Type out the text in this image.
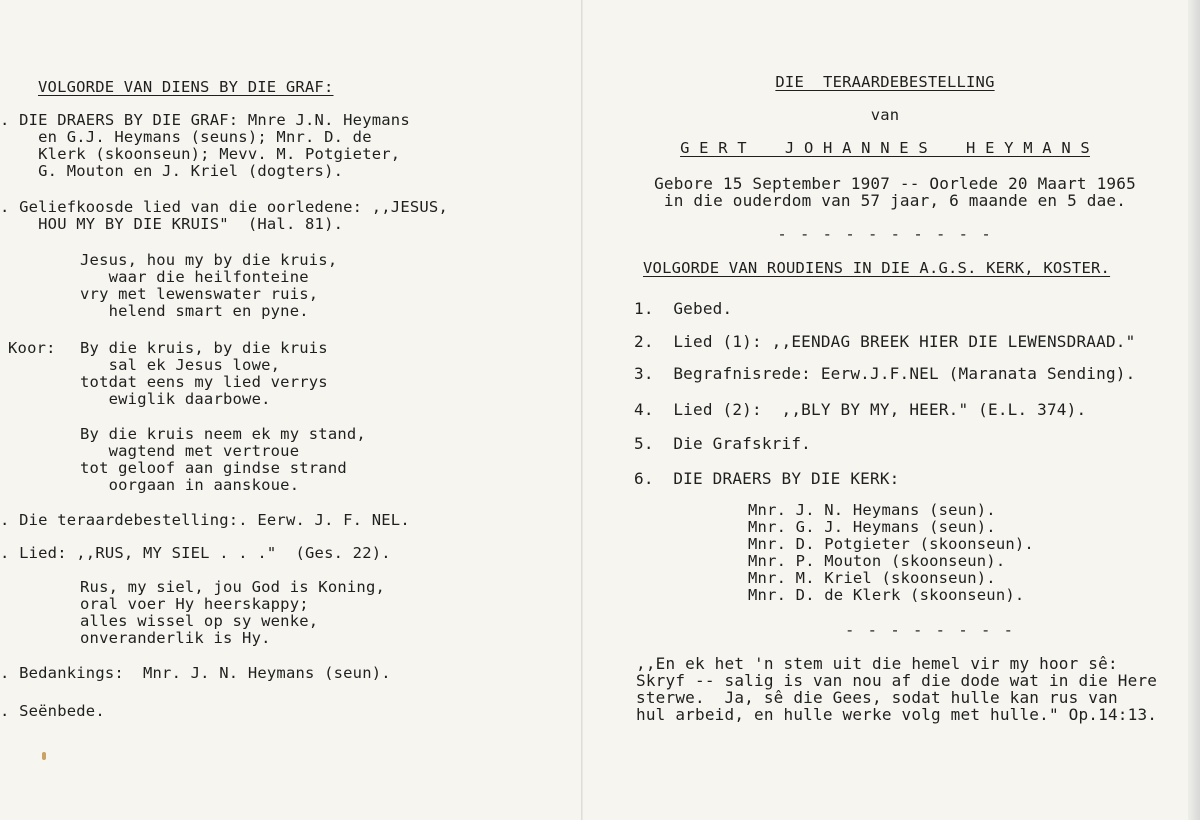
VOLGORDE VAN DIENS BY DIE GRAF:
. DIE DRAERS BY DIE GRAF: Mnre J.N. Heymans
en G.J. Heymans (seuns); Mnr. D. de
Klerk (skoonseun); Mevv. M. Potgieter,
G. Mouton en J. Kriel (dogters).
. Geliefkoosde lied van die oorledene: ,,JESUS,
HOU MY BY DIE KRUIS"  (Hal. 81).
Jesus, hou my by die kruis,
waar die heilfonteine
vry met lewenswater ruis,
helend smart en pyne.
Koor: By die kruis, by die kruis
sal ek Jesus lowe,
totdat eens my lied verrys
ewiglik daarbowe.
By die kruis neem ek my stand,
wagtend met vertroue
tot geloof aan gindse strand
oorgaan in aanskoue.
. Die teraardebestelling:. Eerw. J. F. NEL.
. Lied: ,,RUS, MY SIEL . . ."  (Ges. 22).
Rus, my siel, jou God is Koning,
oral voer Hy heerskappy;
alles wissel op sy wenke,
onveranderlik is Hy.
. Bedankings:  Mnr. J. N. Heymans (seun).
. Seënbede.
DIE  TERAARDEBESTELLING
van
G E R T    J O H A N N E S    H E Y M A N S
Gebore 15 September 1907 -- Oorlede 20 Maart 1965
in die ouderdom van 57 jaar, 6 maande en 5 dae.
- - - - - - - - - -
VOLGORDE VAN ROUDIENS IN DIE A.G.S. KERK, KOSTER.
1.  Gebed.
2.  Lied (1): ,,EENDAG BREEK HIER DIE LEWENSDRAAD."
3.  Begrafnisrede: Eerw.J.F.NEL (Maranata Sending).
4.  Lied (2):  ,,BLY BY MY, HEER." (E.L. 374).
5.  Die Grafskrif.
6.  DIE DRAERS BY DIE KERK:
Mnr. J. N. Heymans (seun).
Mnr. G. J. Heymans (seun).
Mnr. D. Potgieter (skoonseun).
Mnr. P. Mouton (skoonseun).
Mnr. M. Kriel (skoonseun).
Mnr. D. de Klerk (skoonseun).
- - - - - - - -
,,En ek het 'n stem uit die hemel vir my hoor sê:
Skryf -- salig is van nou af die dode wat in die Here
sterwe.  Ja, sê die Gees, sodat hulle kan rus van
hul arbeid, en hulle werke volg met hulle." Op.14:13.
